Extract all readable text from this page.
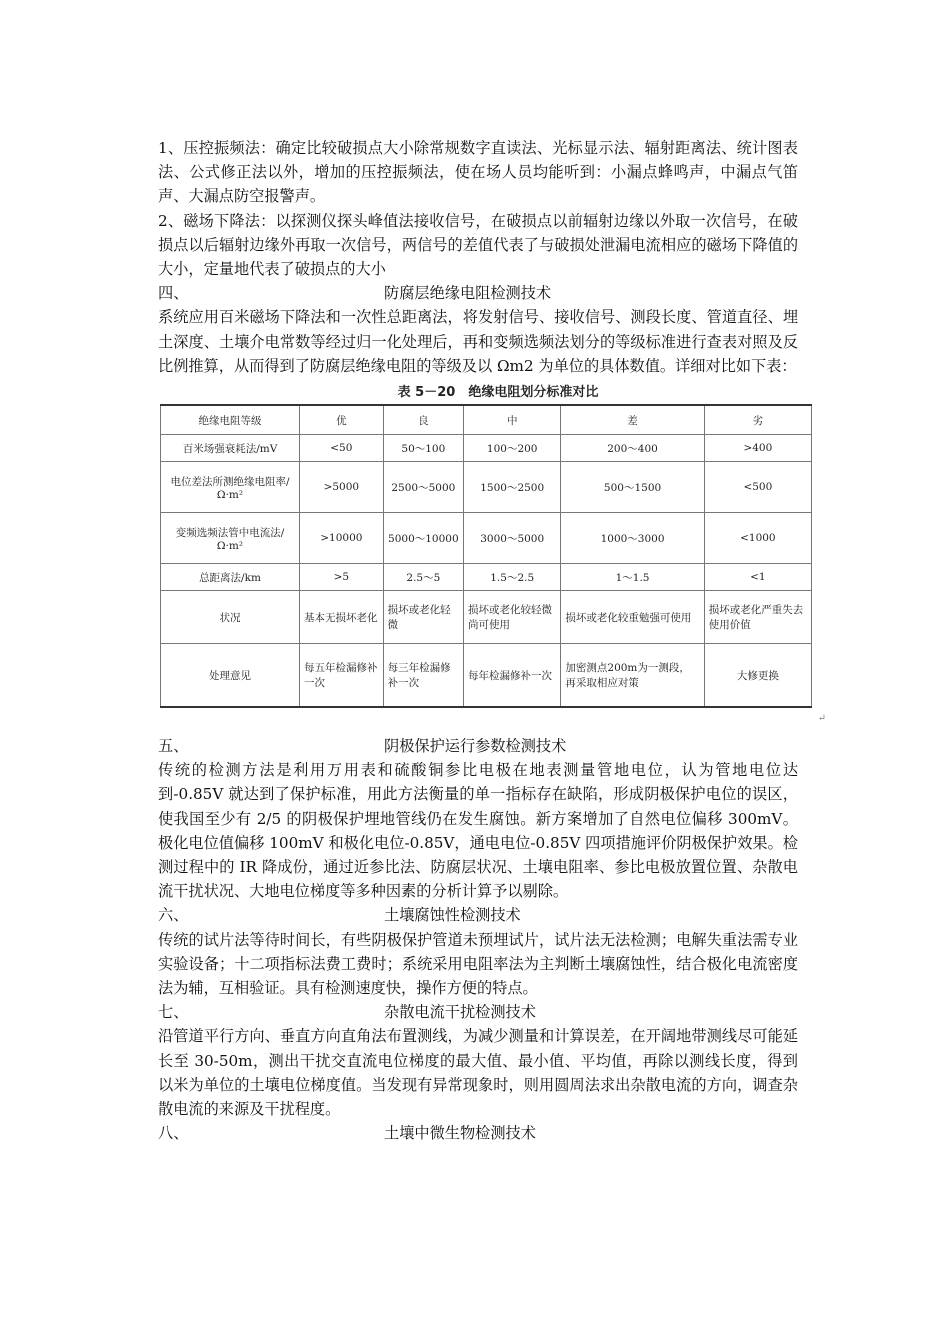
1、压控振频法：确定比较破损点大小除常规数字直读法、光标显示法、辐射距离法、统计图表法、公式修正法以外，增加的压控振频法，使在场人员均能听到：小漏点蜂鸣声，中漏点气笛声、大漏点防空报警声。

2、磁场下降法：以探测仪探头峰值法接收信号，在破损点以前辐射边缘以外取一次信号，在破损点以后辐射边缘外再取一次信号，两信号的差值代表了与破损处泄漏电流相应的磁场下降值的大小，定量地代表了破损点的大小

四、	防腐层绝缘电阻检测技术

系统应用百米磁场下降法和一次性总距离法，将发射信号、接收信号、测段长度、管道直径、埋土深度、土壤介电常数等经过归一化处理后，再和变频选频法划分的等级标准进行查表对照及反比例推算，从而得到了防腐层绝缘电阻的等级及以 Ωm2 为单位的具体数值。详细对比如下表：

表 5－20　绝缘电阻划分标准对比
绝缘电阻等级	优	良	中	差	劣
百米场强衰耗法/mV	<50	50～100	100～200	200～400	>400
电位差法所测绝缘电阻率/Ω·m²	>5000	2500～5000	1500～2500	500～1500	<500
变频选频法管中电流法/Ω·m²	>10000	5000～10000	3000～5000	1000～3000	<1000
总距离法/km	>5	2.5～5	1.5～2.5	1～1.5	<1
状况	基本无损坏老化	损坏或老化轻微	损坏或老化较轻微尚可使用	损坏或老化较重勉强可使用	损坏或老化严重失去使用价值
处理意见	每五年检漏修补一次	每三年检漏修补一次	每年检漏修补一次	加密测点200m为一测段，再采取相应对策	大修更换
↵
五、	阴极保护运行参数检测技术

传统的检测方法是利用万用表和硫酸铜参比电极在地表测量管地电位，认为管地电位达到-0.85V 就达到了保护标准，用此方法衡量的单一指标存在缺陷，形成阴极保护电位的误区，使我国至少有 2/5 的阴极保护埋地管线仍在发生腐蚀。新方案增加了自然电位偏移 300mV。极化电位值偏移 100mV 和极化电位-0.85V，通电电位-0.85V 四项措施评价阴极保护效果。检测过程中的 IR 降成份，通过近参比法、防腐层状况、土壤电阻率、参比电极放置位置、杂散电流干扰状况、大地电位梯度等多种因素的分析计算予以剔除。

六、	土壤腐蚀性检测技术

传统的试片法等待时间长，有些阴极保护管道未预埋试片，试片法无法检测；电解失重法需专业实验设备；十二项指标法费工费时；系统采用电阻率法为主判断土壤腐蚀性，结合极化电流密度法为辅，互相验证。具有检测速度快，操作方便的特点。

七、	杂散电流干扰检测技术

沿管道平行方向、垂直方向直角法布置测线，为减少测量和计算误差，在开阔地带测线尽可能延长至 30-50m，测出干扰交直流电位梯度的最大值、最小值、平均值，再除以测线长度，得到以米为单位的土壤电位梯度值。当发现有异常现象时，则用圆周法求出杂散电流的方向，调查杂散电流的来源及干扰程度。

八、	土壤中微生物检测技术
